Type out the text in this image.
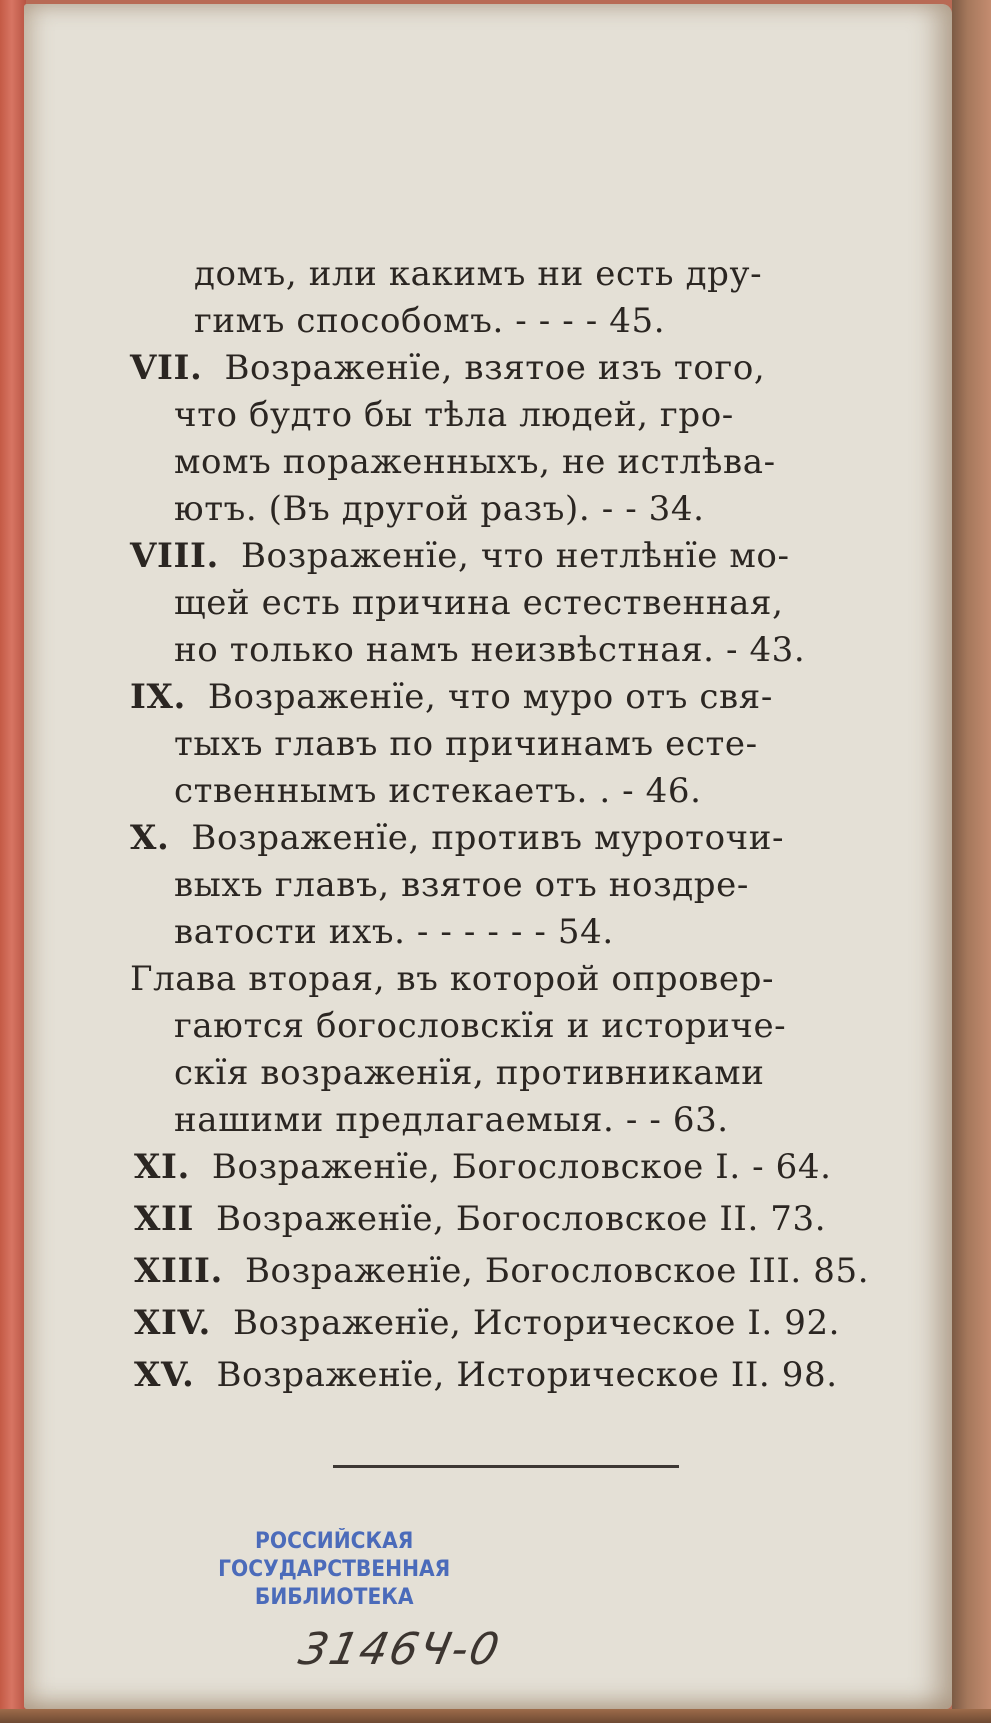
домъ, или какимъ ни есть дру-
гимъ способомъ. - - - - 45.
VII. Возраженїе, взятое изъ того,
что будто бы тѣла людей, гро-
момъ пораженныхъ, не истлѣва-
ютъ. (Въ другой разъ). - - 34.
VIII. Возраженїе, что нетлѣнїе мо-
щей есть причина естественная,
но только намъ неизвѣстная. - 43.
IX. Возраженїе, что муро отъ свя-
тыхъ главъ по причинамъ есте-
ственнымъ истекаетъ. . - 46.
X. Возраженїе, противъ муроточи-
выхъ главъ, взятое отъ ноздре-
ватости ихъ. - - - - - - 54.
Глава вторая, въ которой опровер-
гаются богословскїя и историче-
скїя возраженїя, противниками
нашими предлагаемыя. - - 63.
XI. Возраженїе, Богословское I. - 64.
XII Возраженїе, Богословское II. 73.
XIII. Возраженїе, Богословское III. 85.
XIV. Возраженїе, Историческое I. 92.
XV. Возраженїе, Историческое II. 98.
РОССИЙСКАЯ
ГОСУДАРСТВЕННАЯ
БИБЛИОТЕКА
3146Ч-0
